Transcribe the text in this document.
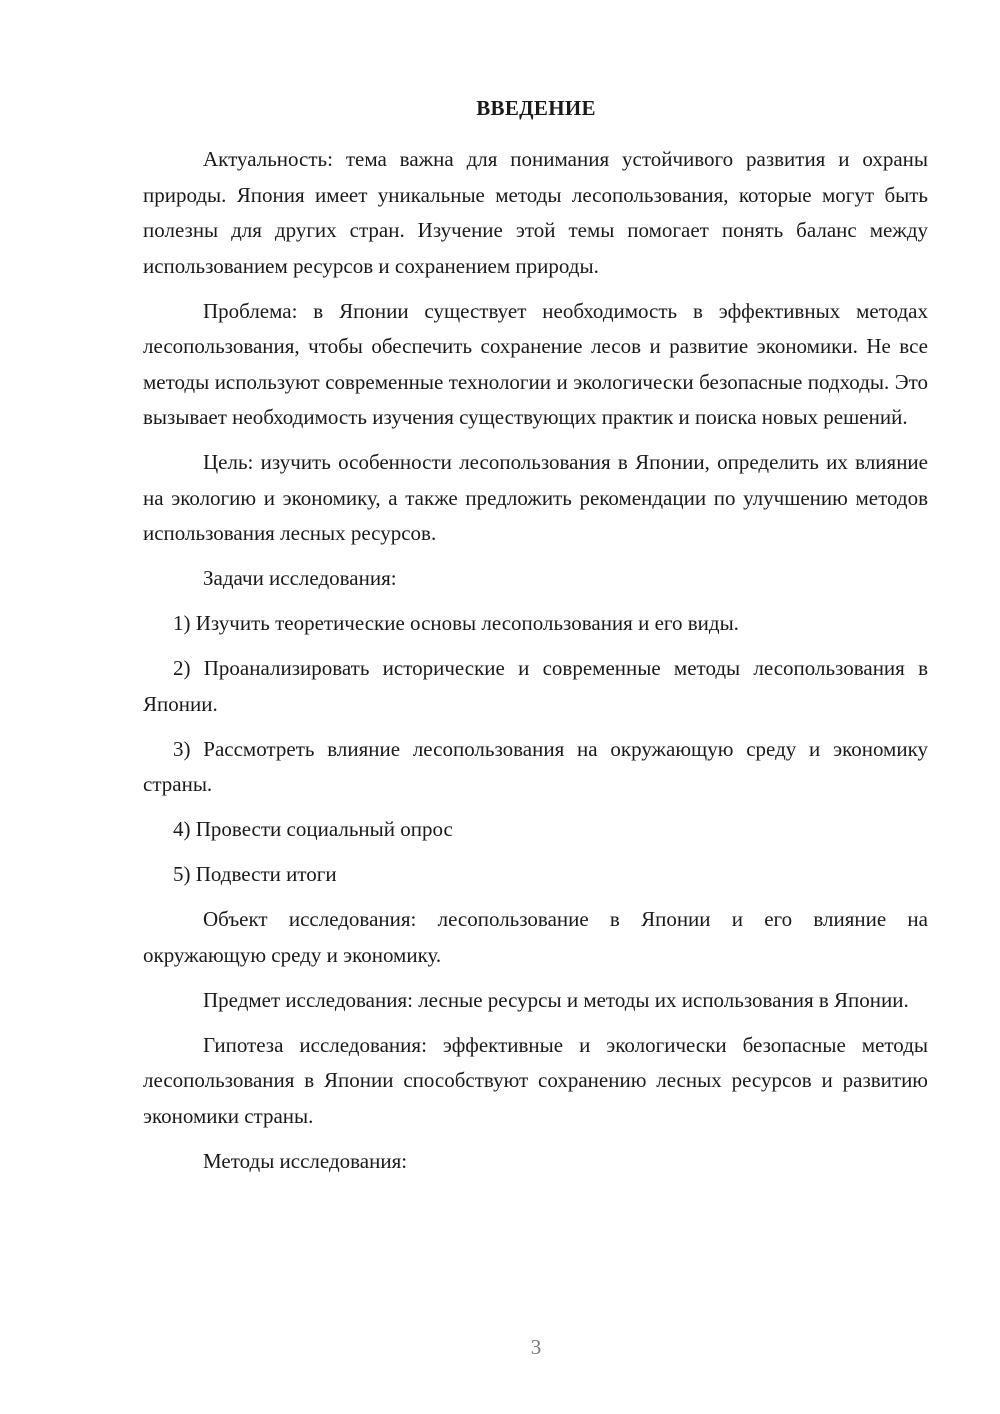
ВВЕДЕНИЕ

Актуальность: тема важна для понимания устойчивого развития и охраны природы. Япония имеет уникальные методы лесопользования, которые могут быть полезны для других стран. Изучение этой темы помогает понять баланс между использованием ресурсов и сохранением природы.

Проблема: в Японии существует необходимость в эффективных методах лесопользования, чтобы обеспечить сохранение лесов и развитие экономики. Не все методы используют современные технологии и экологически безопасные подходы. Это вызывает необходимость изучения существующих практик и поиска новых решений.

Цель: изучить особенности лесопользования в Японии, определить их влияние на экологию и экономику, а также предложить рекомендации по улучшению методов использования лесных ресурсов.

Задачи исследования:

1) Изучить теоретические основы лесопользования и его виды.

2) Проанализировать исторические и современные методы лесопользования в Японии.

3) Рассмотреть влияние лесопользования на окружающую среду и экономику страны.

4) Провести социальный опрос

5) Подвести итоги

Объект исследования: лесопользование в Японии и его влияние на окружающую среду и экономику.

Предмет исследования: лесные ресурсы и методы их использования в Японии.

Гипотеза исследования: эффективные и экологически безопасные методы лесопользования в Японии способствуют сохранению лесных ресурсов и развитию экономики страны.

Методы исследования:

3
